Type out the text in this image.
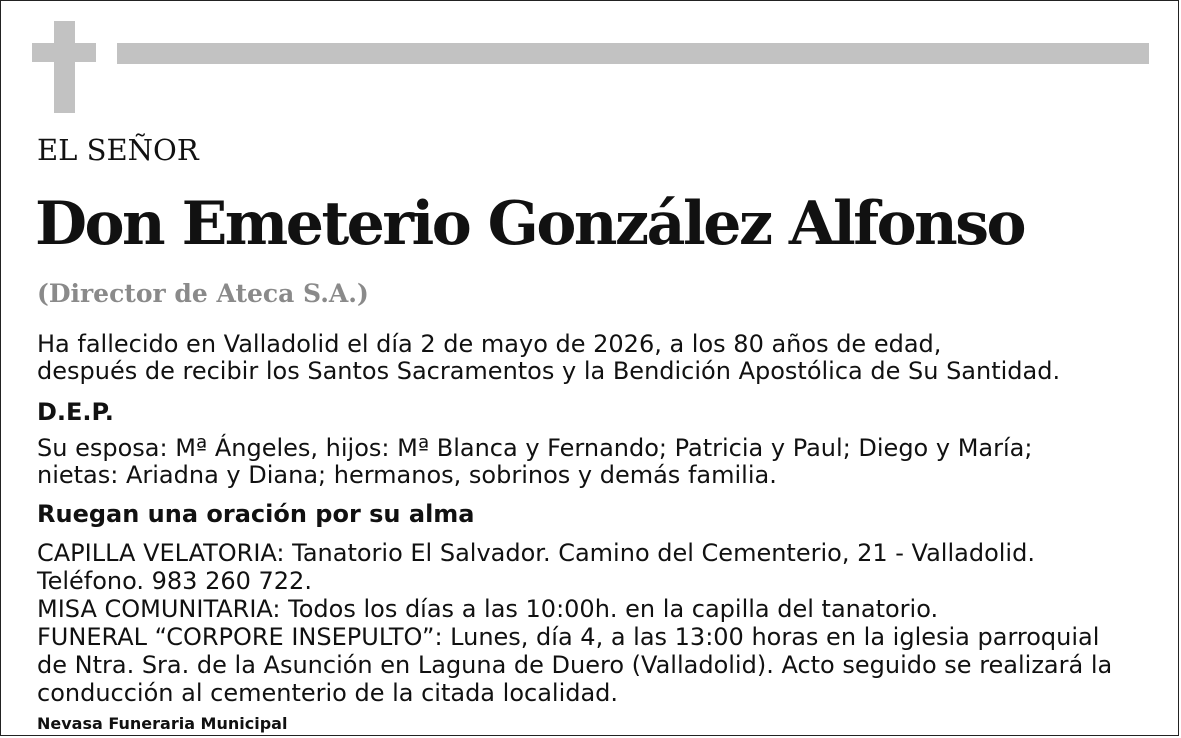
EL SEÑOR
Don Emeterio González Alfonso
(Director de Ateca S.A.)
Ha fallecido en Valladolid el día 2 de mayo de 2026, a los 80 años de edad,
después de recibir los Santos Sacramentos y la Bendición Apostólica de Su Santidad.
D.E.P.
Su esposa: Mª Ángeles, hijos: Mª Blanca y Fernando; Patricia y Paul; Diego y María;
nietas: Ariadna y Diana; hermanos, sobrinos y demás familia.
Ruegan una oración por su alma
CAPILLA VELATORIA: Tanatorio El Salvador. Camino del Cementerio, 21 - Valladolid.
Teléfono. 983 260 722.
MISA COMUNITARIA: Todos los días a las 10:00h. en la capilla del tanatorio.
FUNERAL “CORPORE INSEPULTO”: Lunes, día 4, a las 13:00 horas en la iglesia parroquial
de Ntra. Sra. de la Asunción en Laguna de Duero (Valladolid). Acto seguido se realizará la
conducción al cementerio de la citada localidad.
Nevasa Funeraria Municipal
